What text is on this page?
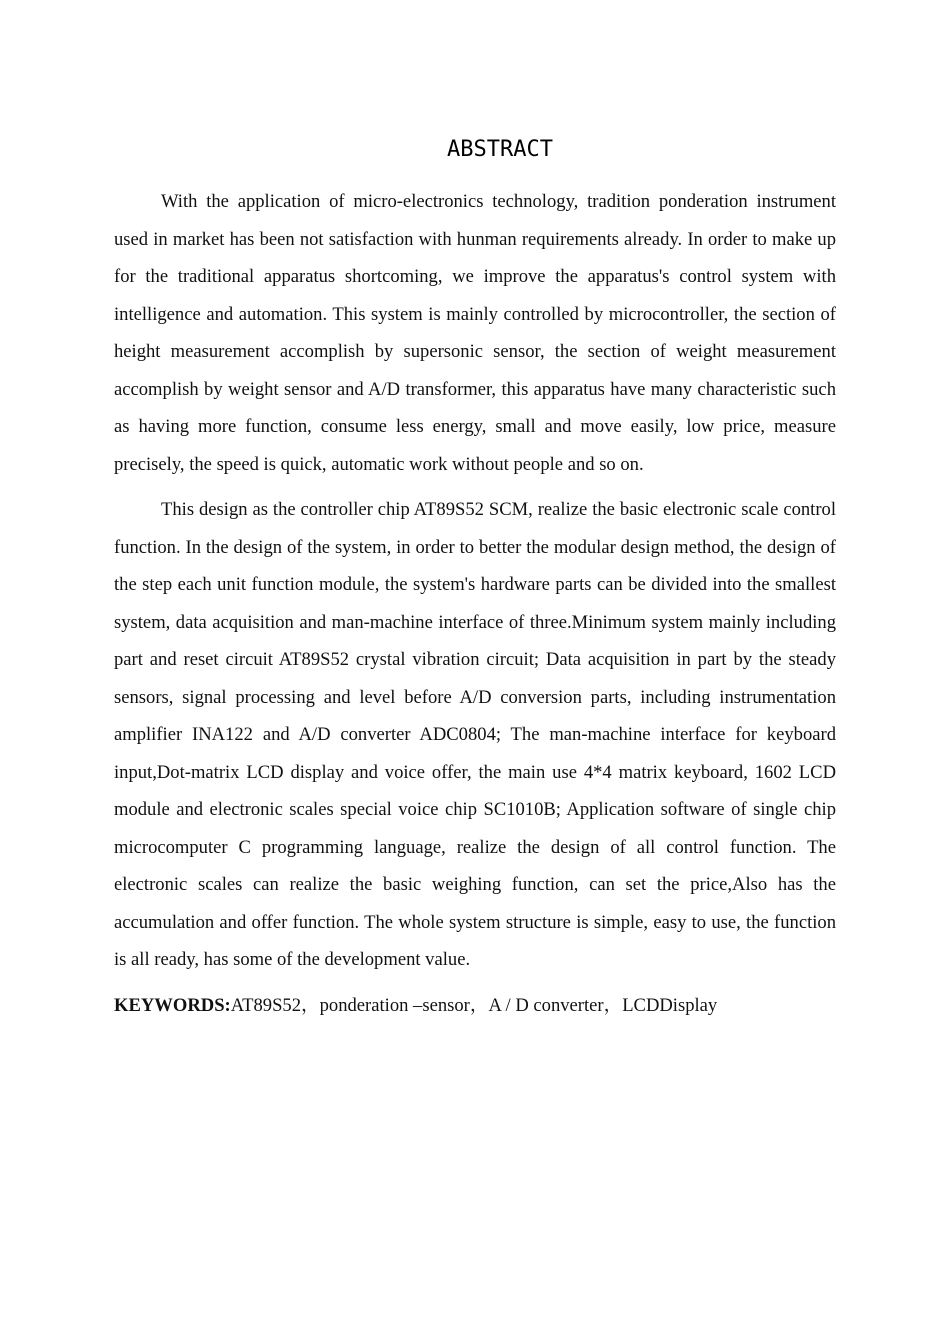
ABSTRACT

With the application of micro-electronics technology, tradition ponderation instrument used in market has been not satisfaction with hunman requirements already. In order to make up for the traditional apparatus shortcoming, we improve the apparatus's control system with intelligence and automation. This system is mainly controlled by microcontroller, the section of height measurement accomplish by supersonic sensor, the section of weight measurement accomplish by weight sensor and A/D transformer, this apparatus have many characteristic such as having more function, consume less energy, small and move easily, low price, measure precisely, the speed is quick, automatic work without people and so on.

This design as the controller chip AT89S52 SCM, realize the basic electronic scale control function. In the design of the system, in order to better the modular design method, the design of the step each unit function module, the system's hardware parts can be divided into the smallest system, data acquisition and man-machine interface of three.Minimum system mainly including part and reset circuit AT89S52 crystal vibration circuit; Data acquisition in part by the steady sensors, signal processing and level before A/D conversion parts, including instrumentation amplifier INA122 and A/D converter ADC0804; The man-machine interface for keyboard input,Dot-matrix LCD display and voice offer, the main use 4*4 matrix keyboard, 1602 LCD module and electronic scales special voice chip SC1010B; Application software of single chip microcomputer C programming language, realize the design of all control function. The electronic scales can realize the basic weighing function, can set the price,Also has the accumulation and offer function. The whole system structure is simple, easy to use, the function is all ready, has some of the development value.

KEYWORDS:AT89S52，ponderation –sensor，A / D converter，LCDDisplay
